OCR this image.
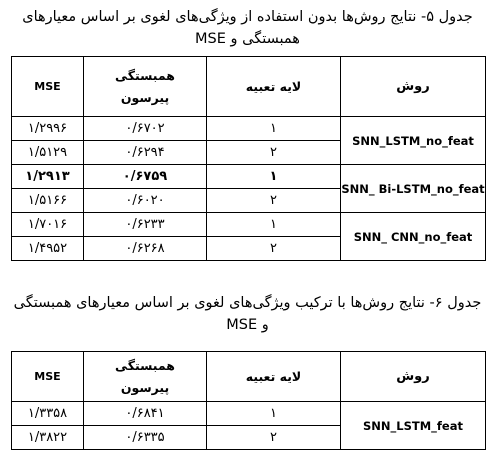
جدول ۵- نتایج روش‌ها بدون استفاده از ویژگی‌های لغوی بر اساس معیارهای
همبستگی و MSE
روش	لایه تعبیه	همبستگی
پیرسون	MSE
SNN_LSTM_no_feat	۱	۰/۶۷۰۲	۱/۲۹۹۶
	۲	۰/۶۲۹۴	۱/۵۱۲۹
SNN_ Bi-LSTM_no_feat	۱	۰/۶۷۵۹	۱/۲۹۱۳
	۲	۰/۶۰۲۰	۱/۵۱۶۶
SNN_ CNN_no_feat	۱	۰/۶۲۳۳	۱/۷۰۱۶
	۲	۰/۶۲۶۸	۱/۴۹۵۲
جدول ۶- نتایج روش‌ها با ترکیب ویژگی‌های لغوی بر اساس معیارهای همبستگی
و MSE
روش	لایه تعبیه	همبستگی
پیرسون	MSE
SNN_LSTM_feat	۱	۰/۶۸۴۱	۱/۳۳۵۸
	۲	۰/۶۳۳۵	۱/۳۸۲۲
